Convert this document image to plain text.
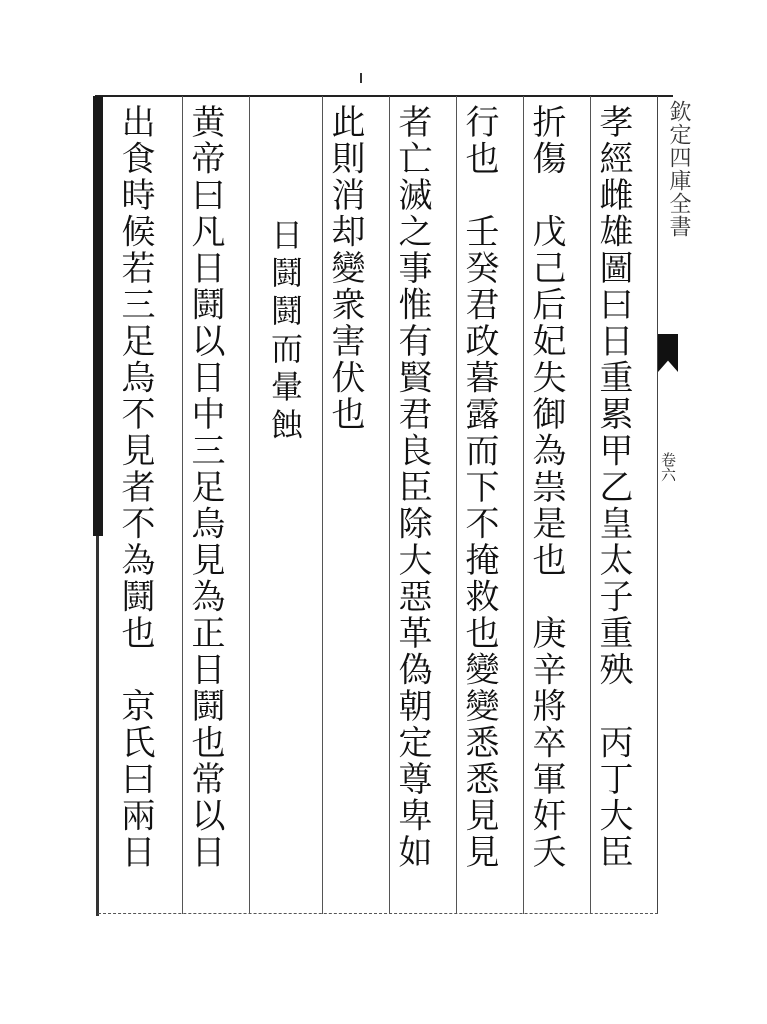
欽定四庫全書
卷六
孝經雌雄圖曰日重累甲乙皇太子重殃　丙丁大臣
折傷　戊己后妃失御為祟是也　庚辛將卒軍奸夭
行也　壬癸君政暮露而下不掩救也變變悉悉見見
者亡滅之事惟有賢君良臣除大惡革偽朝定尊卑如
此則消却變衆害伏也
日鬪鬪而暈蝕
黄帝曰凡日鬪以日中三足烏見為正日鬪也常以日
出食時候若三足烏不見者不為鬪也　京氏曰兩日
